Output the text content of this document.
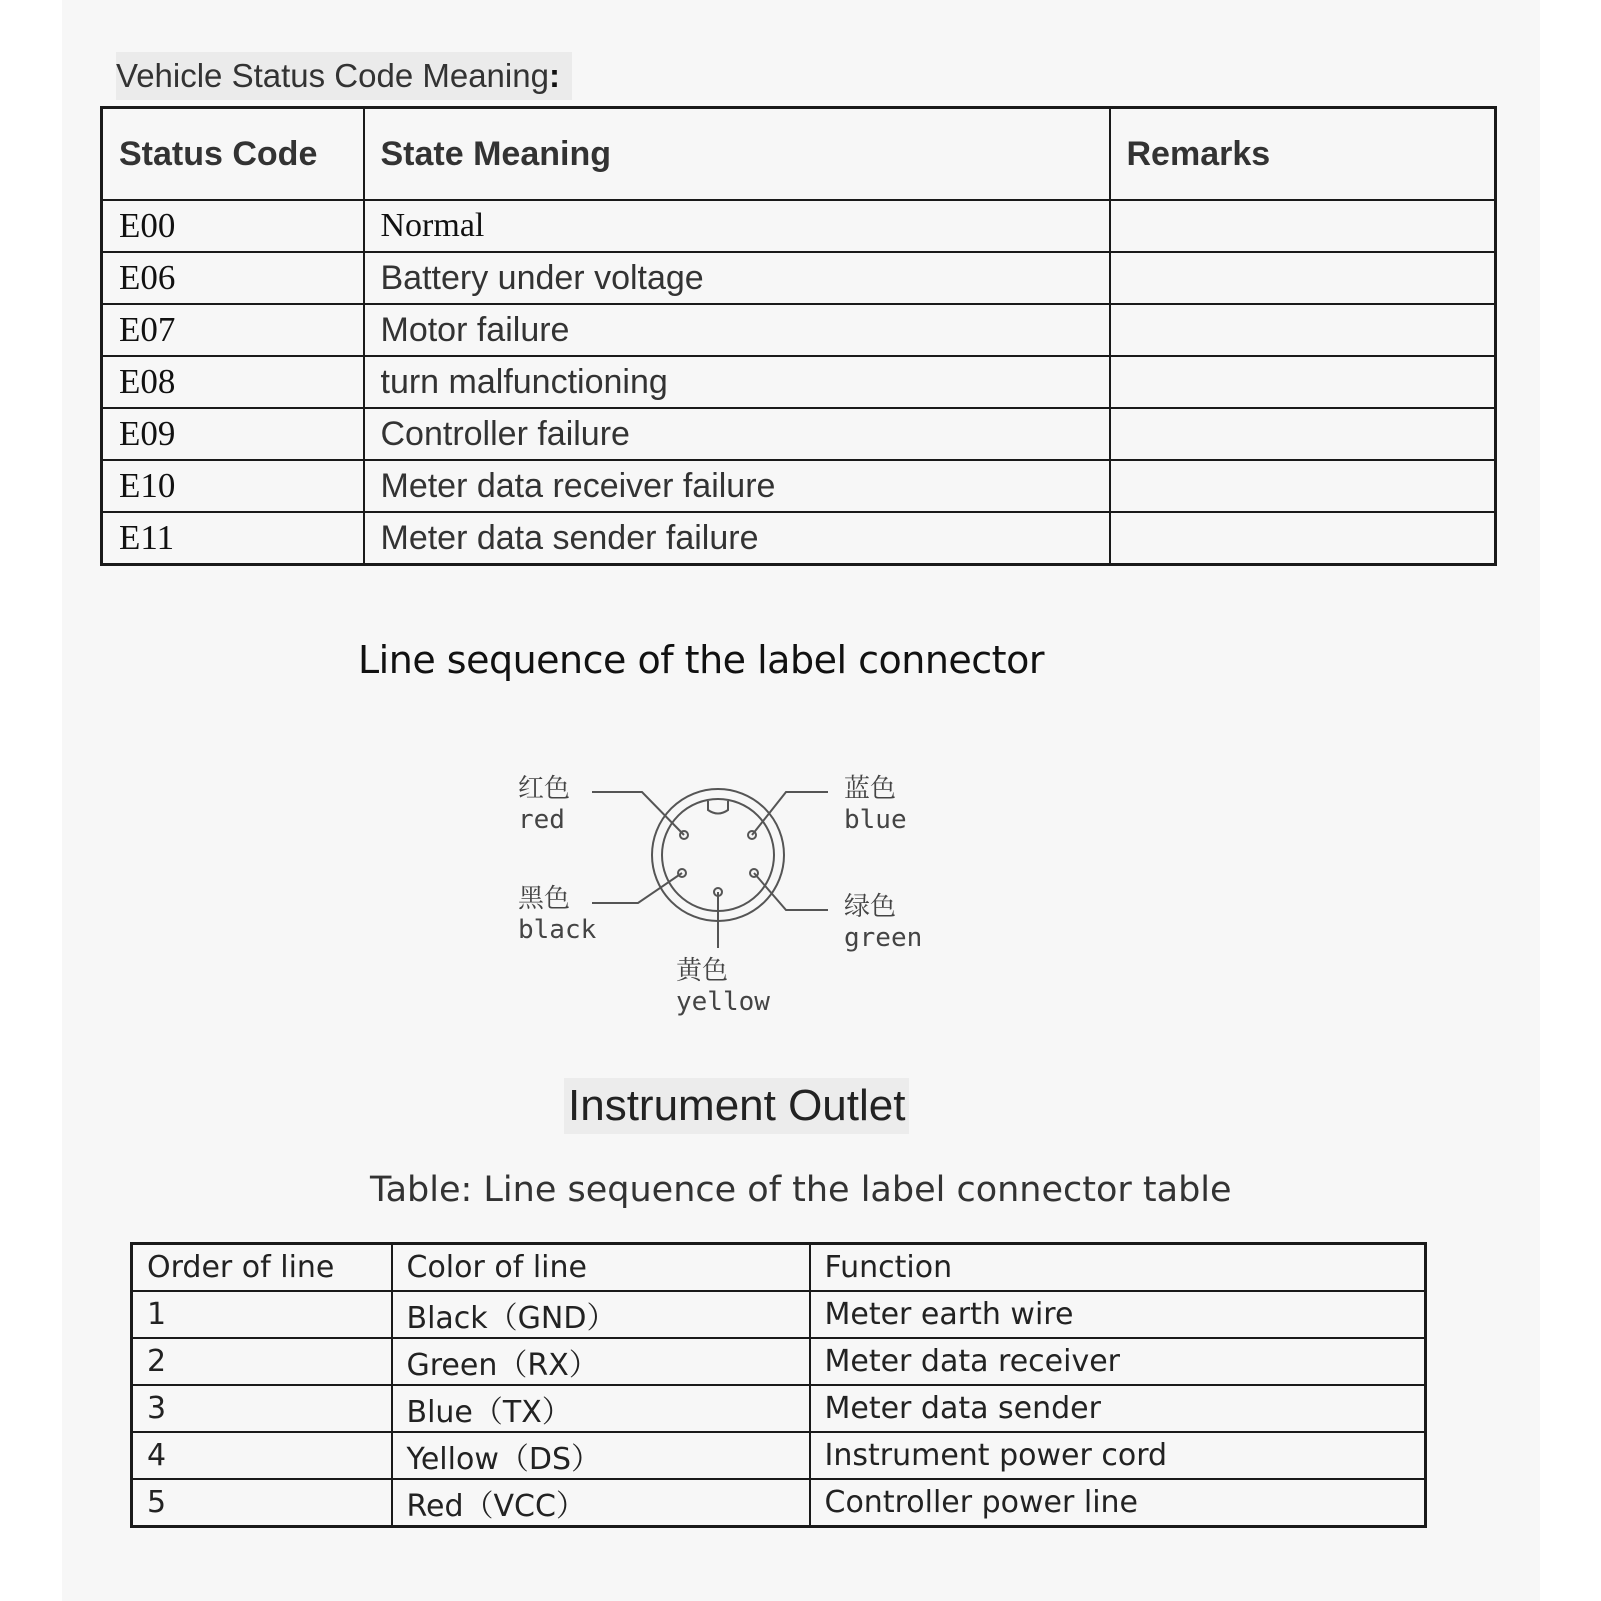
Vehicle Status Code Meaning:
Status Code	State Meaning	Remarks
E00	Normal	
E06	Battery under voltage	
E07	Motor failure	
E08	turn malfunctioning	
E09	Controller failure	
E10	Meter data receiver failure	
E11	Meter data sender failure	
Line sequence of the label connector
红色
red
蓝色
blue
黑色
black
绿色
green
黄色
yellow
Instrument Outlet
Table: Line sequence of the label connector table
Order of line	Color of line	Function
1	Black（GND）	Meter earth wire
2	Green（RX）	Meter data receiver
3	Blue（TX）	Meter data sender
4	Yellow（DS）	Instrument power cord
5	Red（VCC）	Controller power line
